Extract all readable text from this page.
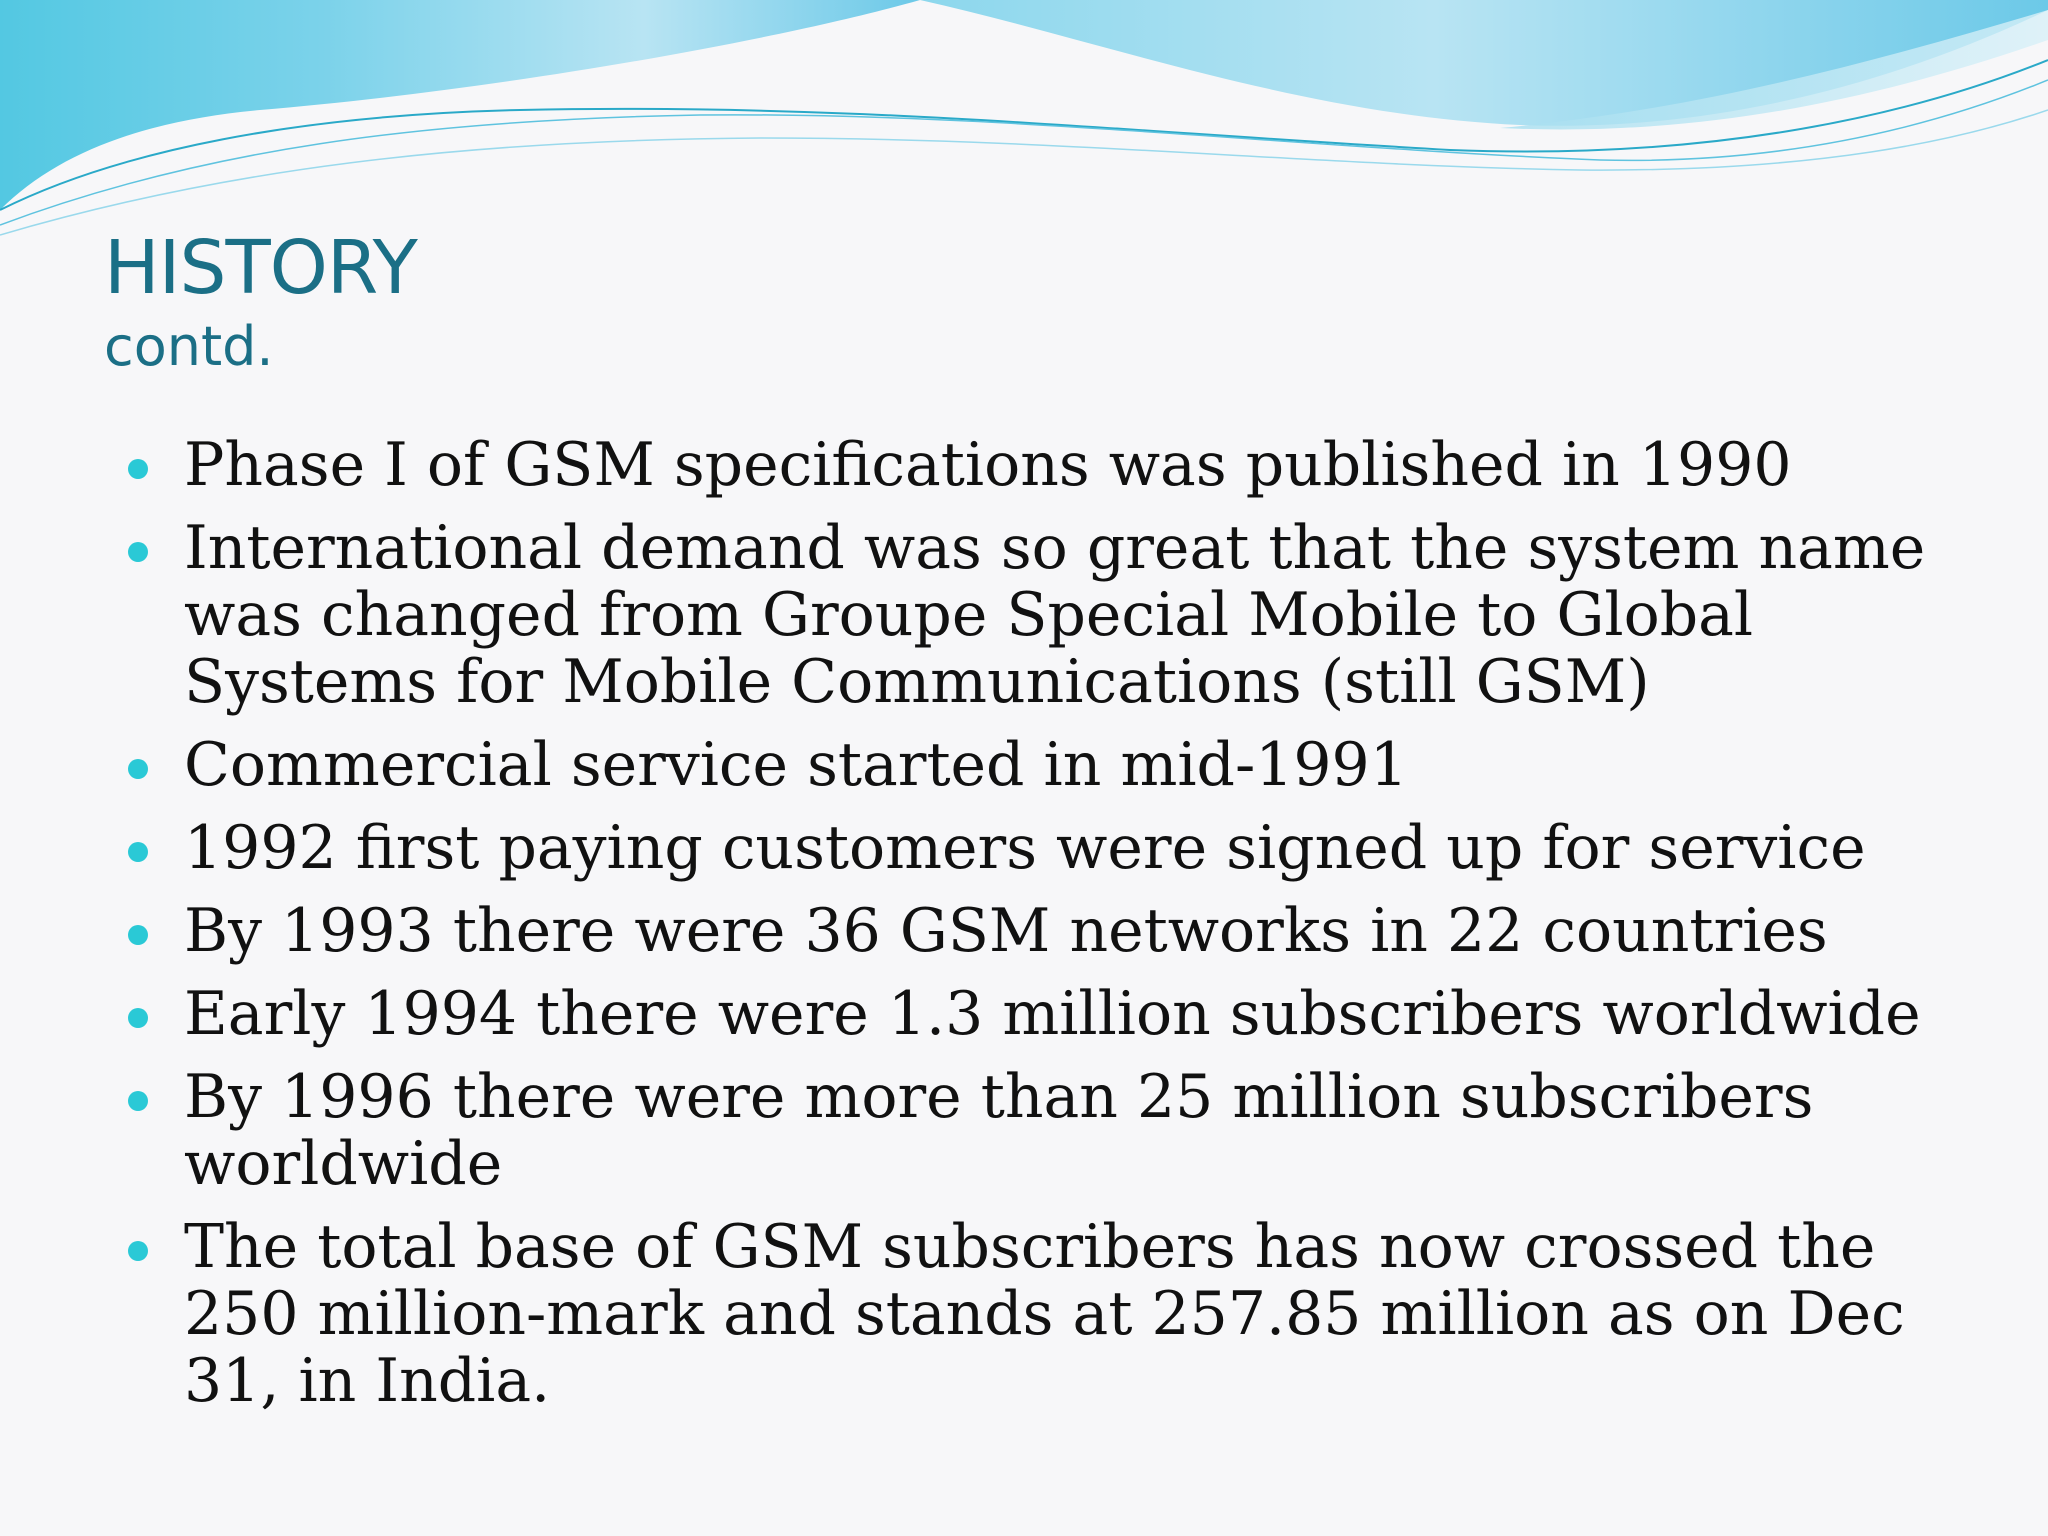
HISTORY
contd.
Phase I of GSM specifications was published in 1990
International demand was so great that the system name was changed from Groupe Special Mobile to Global Systems for Mobile Communications (still GSM)
Commercial service started in mid-1991
1992 first paying customers were signed up for service
By 1993 there were 36 GSM networks in 22 countries
Early 1994 there were 1.3 million subscribers worldwide
By 1996 there were more than 25 million subscribers worldwide
The total base of GSM subscribers has now crossed the 250 million-mark and stands at 257.85 million as on Dec 31, in India.
